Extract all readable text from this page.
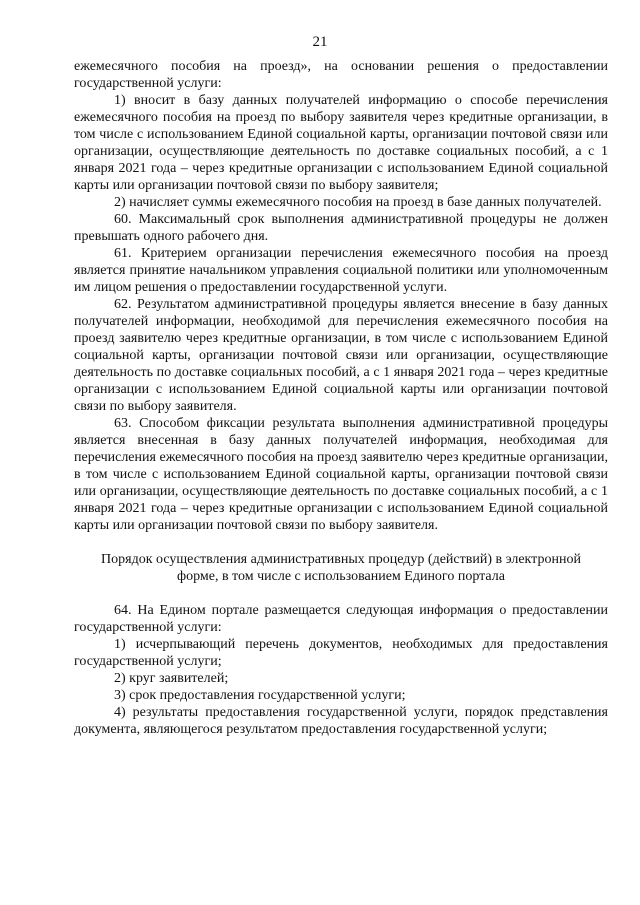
21

ежемесячного пособия на проезд», на основании решения о предоставлении государственной услуги:

1) вносит в базу данных получателей информацию о способе перечисления ежемесячного пособия на проезд по выбору заявителя через кредитные организации, в том числе с использованием Единой социальной карты, организации почтовой связи или организации, осуществляющие деятельность по доставке социальных пособий, а с 1 января 2021 года – через кредитные организации с использованием Единой социальной карты или организации почтовой связи по выбору заявителя;

2) начисляет суммы ежемесячного пособия на проезд в базе данных получателей.

60. Максимальный срок выполнения административной процедуры не должен превышать одного рабочего дня.

61. Критерием организации перечисления ежемесячного пособия на проезд является принятие начальником управления социальной политики или уполномоченным им лицом решения о предоставлении государственной услуги.

62. Результатом административной процедуры является внесение в базу данных получателей информации, необходимой для перечисления ежемесячного пособия на проезд заявителю через кредитные организации, в том числе с использованием Единой социальной карты, организации почтовой связи или организации, осуществляющие деятельность по доставке социальных пособий, а с 1 января 2021 года – через кредитные организации с использованием Единой социальной карты или организации почтовой связи по выбору заявителя.

63. Способом фиксации результата выполнения административной процедуры является внесенная в базу данных получателей информация, необходимая для перечисления ежемесячного пособия на проезд заявителю через кредитные организации, в том числе с использованием Единой социальной карты, организации почтовой связи или организации, осуществляющие деятельность по доставке социальных пособий, а с 1 января 2021 года – через кредитные организации с использованием Единой социальной карты или организации почтовой связи по выбору заявителя.

Порядок осуществления административных процедур (действий) в электронной форме, в том числе с использованием Единого портала

64. На Едином портале размещается следующая информация о предоставлении государственной услуги:

1) исчерпывающий перечень документов, необходимых для предоставления государственной услуги;

2) круг заявителей;

3) срок предоставления государственной услуги;

4) результаты предоставления государственной услуги, порядок представления документа, являющегося результатом предоставления государственной услуги;
